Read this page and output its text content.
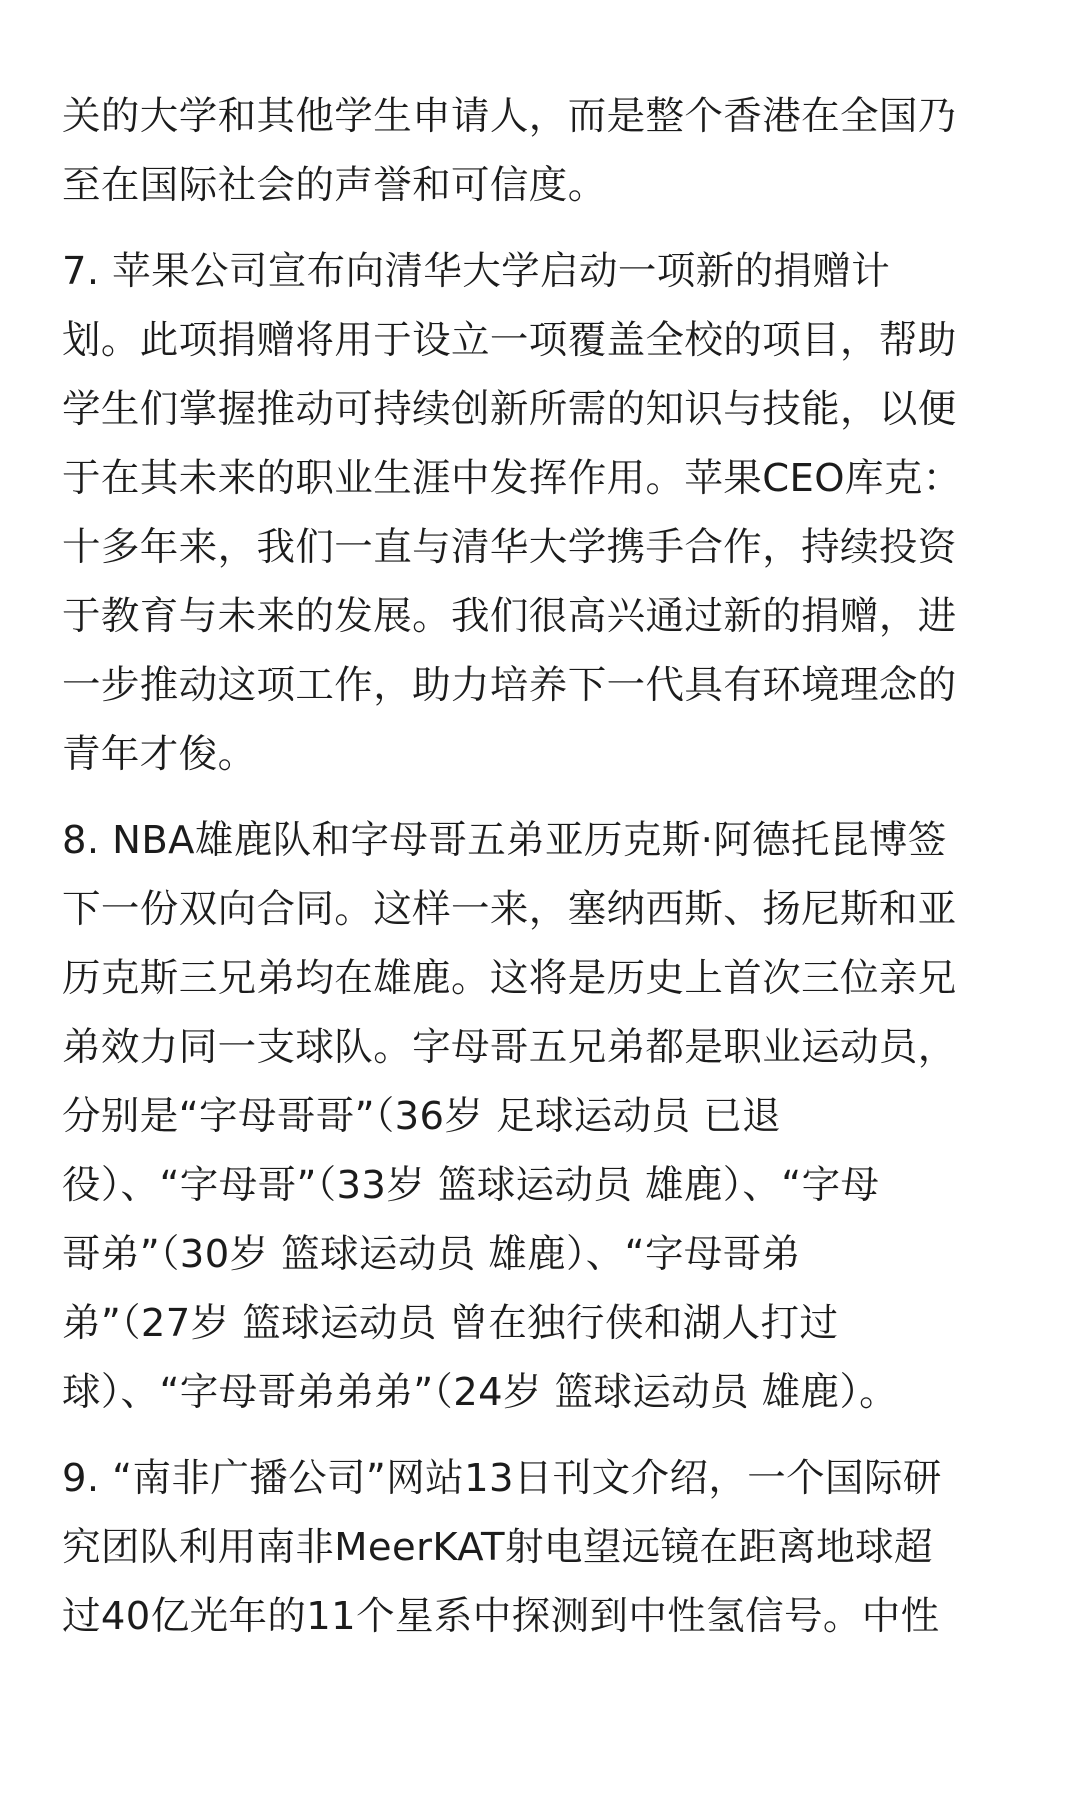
关的大学和其他学生申请人，而是整个香港在全国乃
至在国际社会的声誉和可信度。
7. 苹果公司宣布向清华大学启动一项新的捐赠计
划。此项捐赠将用于设立一项覆盖全校的项目，帮助
学生们掌握推动可持续创新所需的知识与技能，以便
于在其未来的职业生涯中发挥作用。苹果CEO库克：
十多年来，我们一直与清华大学携手合作，持续投资
于教育与未来的发展。我们很高兴通过新的捐赠，进
一步推动这项工作，助力培养下一代具有环境理念的
青年才俊。
8. NBA雄鹿队和字母哥五弟亚历克斯·阿德托昆博签
下一份双向合同。这样一来，塞纳西斯、扬尼斯和亚
历克斯三兄弟均在雄鹿。这将是历史上首次三位亲兄
弟效力同一支球队。字母哥五兄弟都是职业运动员，
分别是“字母哥哥”（36岁 足球运动员 已退
役）、“字母哥”（33岁 篮球运动员 雄鹿）、“字母
哥弟”（30岁 篮球运动员 雄鹿）、“字母哥弟
弟”（27岁 篮球运动员 曾在独行侠和湖人打过
球）、“字母哥弟弟弟”（24岁 篮球运动员 雄鹿）。
9. “南非广播公司”网站13日刊文介绍，一个国际研
究团队利用南非MeerKAT射电望远镜在距离地球超
过40亿光年的11个星系中探测到中性氢信号。中性
